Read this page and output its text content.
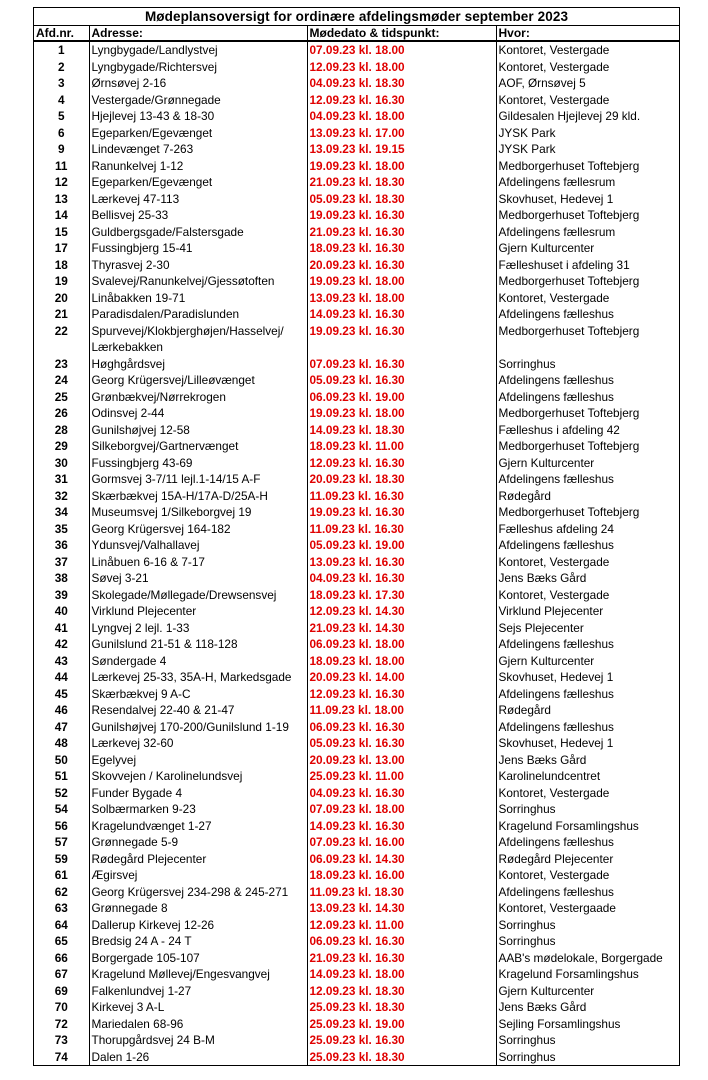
Mødeplansoversigt for ordinære afdelingsmøder september 2023
Afd.nr.	Adresse:	Mødedato & tidspunkt:	Hvor:
1	Lyngbygade/Landlystvej	07.09.23 kl. 18.00	Kontoret, Vestergade
2	Lyngbygade/Richtersvej	12.09.23 kl. 18.00	Kontoret, Vestergade
3	Ørnsøvej 2-16	04.09.23 kl. 18.30	AOF, Ørnsøvej 5
4	Vestergade/Grønnegade	12.09.23 kl. 16.30	Kontoret, Vestergade
5	Hjejlevej 13-43 & 18-30	04.09.23 kl. 18.00	Gildesalen Hjejlevej 29 kld.
6	Egeparken/Egevænget	13.09.23 kl. 17.00	JYSK Park
9	Lindevænget 7-263	13.09.23 kl. 19.15	JYSK Park
11	Ranunkelvej 1-12	19.09.23 kl. 18.00	Medborgerhuset Toftebjerg
12	Egeparken/Egevænget	21.09.23 kl. 18.30	Afdelingens fællesrum
13	Lærkevej 47-113	05.09.23 kl. 18.30	Skovhuset, Hedevej 1
14	Bellisvej 25-33	19.09.23 kl. 16.30	Medborgerhuset Toftebjerg
15	Guldbergsgade/Falstersgade	21.09.23 kl. 16.30	Afdelingens fællesrum
17	Fussingbjerg 15-41	18.09.23 kl. 16.30	Gjern Kulturcenter
18	Thyrasvej 2-30	20.09.23 kl. 16.30	Fælleshuset i afdeling 31
19	Svalevej/Ranunkelvej/Gjessøtoften	19.09.23 kl. 18.00	Medborgerhuset Toftebjerg
20	Linåbakken 19-71	13.09.23 kl. 18.00	Kontoret, Vestergade
21	Paradisdalen/Paradislunden	14.09.23 kl. 16.30	Afdelingens fælleshus
22	Spurvevej/Klokbjerghøjen/Hasselvej/ Lærkebakken	19.09.23 kl. 16.30	Medborgerhuset Toftebjerg
23	Høghgårdsvej	07.09.23 kl. 16.30	Sorringhus
24	Georg Krügersvej/Lilleøvænget	05.09.23 kl. 16.30	Afdelingens fælleshus
25	Grønbækvej/Nørrekrogen	06.09.23 kl. 19.00	Afdelingens fælleshus
26	Odinsvej 2-44	19.09.23 kl. 18.00	Medborgerhuset Toftebjerg
28	Gunilshøjvej 12-58	14.09.23 kl. 18.30	Fælleshus i afdeling 42
29	Silkeborgvej/Gartnervænget	18.09.23 kl. 11.00	Medborgerhuset Toftebjerg
30	Fussingbjerg 43-69	12.09.23 kl. 16.30	Gjern Kulturcenter
31	Gormsvej 3-7/11 lejl.1-14/15 A-F	20.09.23 kl. 18.30	Afdelingens fælleshus
32	Skærbækvej 15A-H/17A-D/25A-H	11.09.23 kl. 16.30	Rødegård
34	Museumsvej 1/Silkeborgvej 19	19.09.23 kl. 16.30	Medborgerhuset Toftebjerg
35	Georg Krügersvej 164-182	11.09.23 kl. 16.30	Fælleshus afdeling 24
36	Ydunsvej/Valhallavej	05.09.23 kl. 19.00	Afdelingens fælleshus
37	Linåbuen 6-16 & 7-17	13.09.23 kl. 16.30	Kontoret, Vestergade
38	Søvej 3-21	04.09.23 kl. 16.30	Jens Bæks Gård
39	Skolegade/Møllegade/Drewsensvej	18.09.23 kl. 17.30	Kontoret, Vestergade
40	Virklund Plejecenter	12.09.23 kl. 14.30	Virklund Plejecenter
41	Lyngvej 2 lejl. 1-33	21.09.23 kl. 14.30	Sejs Plejecenter
42	Gunilslund 21-51 & 118-128	06.09.23 kl. 18.00	Afdelingens fælleshus
43	Søndergade 4	18.09.23 kl. 18.00	Gjern Kulturcenter
44	Lærkevej 25-33, 35A-H, Markedsgade	20.09.23 kl. 14.00	Skovhuset, Hedevej 1
45	Skærbækvej 9 A-C	12.09.23 kl. 16.30	Afdelingens fælleshus
46	Resendalvej 22-40 & 21-47	11.09.23 kl. 18.00	Rødegård
47	Gunilshøjvej 170-200/Gunilslund 1-19	06.09.23 kl. 16.30	Afdelingens fælleshus
48	Lærkevej 32-60	05.09.23 kl. 16.30	Skovhuset, Hedevej 1
50	Egelyvej	20.09.23 kl. 13.00	Jens Bæks Gård
51	Skovvejen / Karolinelundsvej	25.09.23 kl. 11.00	Karolinelundcentret
52	Funder Bygade 4	04.09.23 kl. 16.30	Kontoret, Vestergade
54	Solbærmarken 9-23	07.09.23 kl. 18.00	Sorringhus
56	Kragelundvænget 1-27	14.09.23 kl. 16.30	Kragelund Forsamlingshus
57	Grønnegade 5-9	07.09.23 kl. 16.00	Afdelingens fælleshus
59	Rødegård Plejecenter	06.09.23 kl. 14.30	Rødegård Plejecenter
61	Ægirsvej	18.09.23 kl. 16.00	Kontoret, Vestergade
62	Georg Krügersvej 234-298 & 245-271	11.09.23 kl. 18.30	Afdelingens fælleshus
63	Grønnegade 8	13.09.23 kl. 14.30	Kontoret, Vestergaade
64	Dallerup Kirkevej 12-26	12.09.23 kl. 11.00	Sorringhus
65	Bredsig 24 A - 24 T	06.09.23 kl. 16.30	Sorringhus
66	Borgergade 105-107	21.09.23 kl. 16.30	AAB's mødelokale, Borgergade
67	Kragelund Møllevej/Engesvangvej	14.09.23 kl. 18.00	Kragelund Forsamlingshus
69	Falkenlundvej 1-27	12.09.23 kl. 18.30	Gjern Kulturcenter
70	Kirkevej 3 A-L	25.09.23 kl. 18.30	Jens Bæks Gård
72	Mariedalen 68-96	25.09.23 kl. 19.00	Sejling Forsamlingshus
73	Thorupgårdsvej 24 B-M	25.09.23 kl. 16.30	Sorringhus
74	Dalen 1-26	25.09.23 kl. 18.30	Sorringhus
